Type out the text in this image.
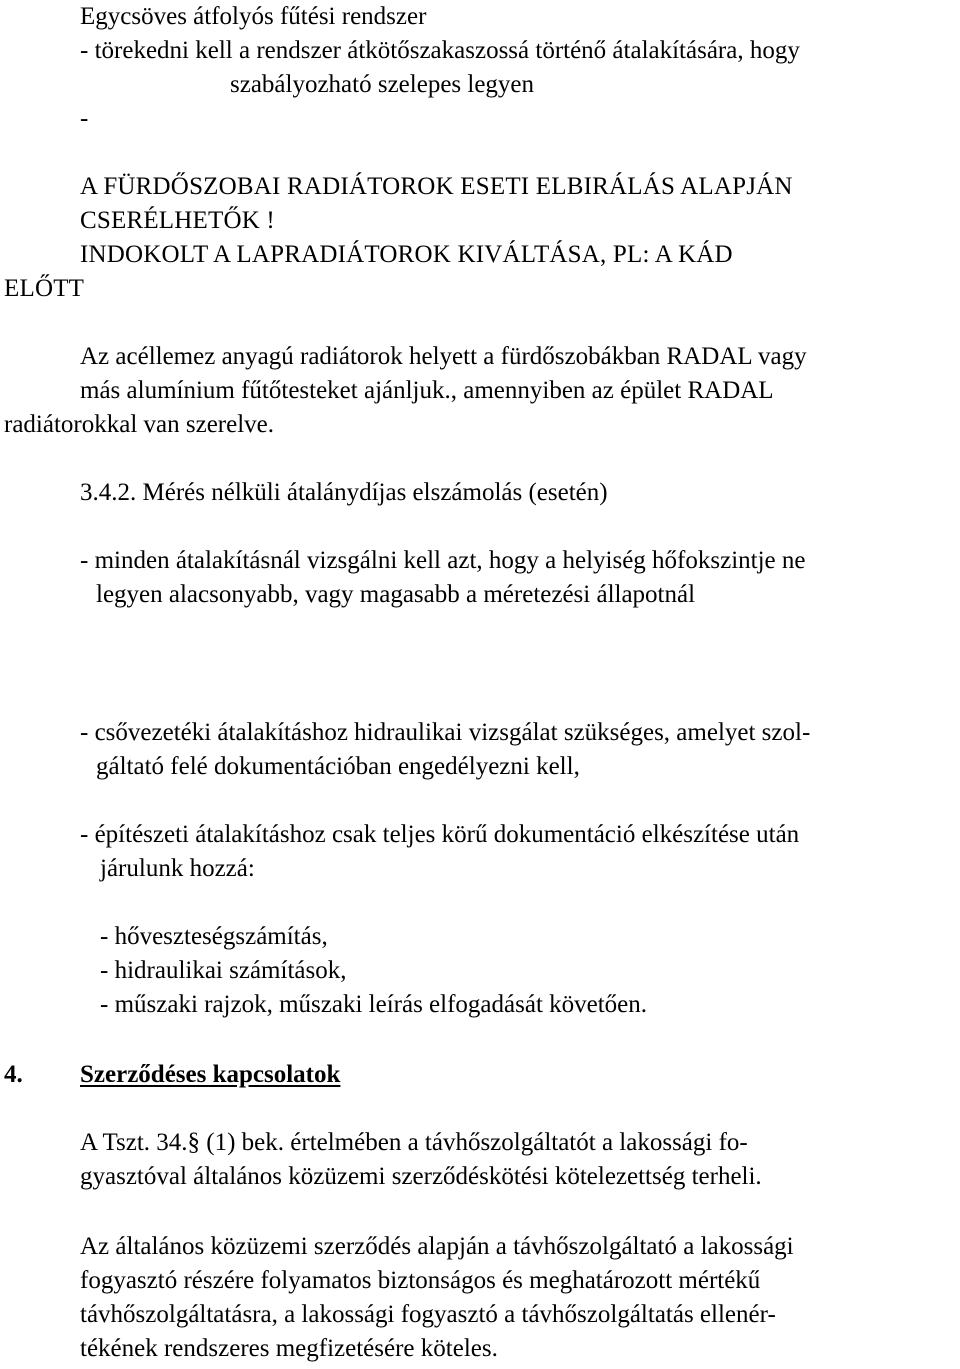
Egycsöves átfolyós fűtési rendszer
- törekedni kell a rendszer átkötőszakaszossá történő átalakítására, hogy
szabályozható szelepes legyen
-
A FÜRDŐSZOBAI RADIÁTOROK ESETI ELBIRÁLÁS ALAPJÁN
CSERÉLHETŐK !
INDOKOLT A LAPRADIÁTOROK KIVÁLTÁSA, PL: A KÁD
ELŐTT
Az acéllemez anyagú radiátorok helyett a fürdőszobákban RADAL vagy
más alumínium fűtőtesteket ajánljuk., amennyiben az épület RADAL
radiátorokkal van szerelve.
3.4.2. Mérés nélküli átalánydíjas elszámolás (esetén)
- minden átalakításnál vizsgálni kell azt, hogy a helyiség hőfokszintje ne
legyen alacsonyabb, vagy magasabb a méretezési állapotnál
- csővezetéki átalakításhoz hidraulikai vizsgálat szükséges, amelyet szol-
gáltató felé dokumentációban engedélyezni kell,
- építészeti átalakításhoz csak teljes körű dokumentáció elkészítése után
járulunk hozzá:
- hőveszteségszámítás,
- hidraulikai számítások,
- műszaki rajzok, műszaki leírás elfogadását követően.
4. Szerződéses kapcsolatok
A Tszt. 34.§ (1) bek. értelmében a távhőszolgáltatót a lakossági fo-
gyasztóval általános közüzemi szerződéskötési kötelezettség terheli.
Az általános közüzemi szerződés alapján a távhőszolgáltató a lakossági
fogyasztó részére folyamatos biztonságos és meghatározott mértékű
távhőszolgáltatásra, a lakossági fogyasztó a távhőszolgáltatás ellenér-
tékének rendszeres megfizetésére köteles.
